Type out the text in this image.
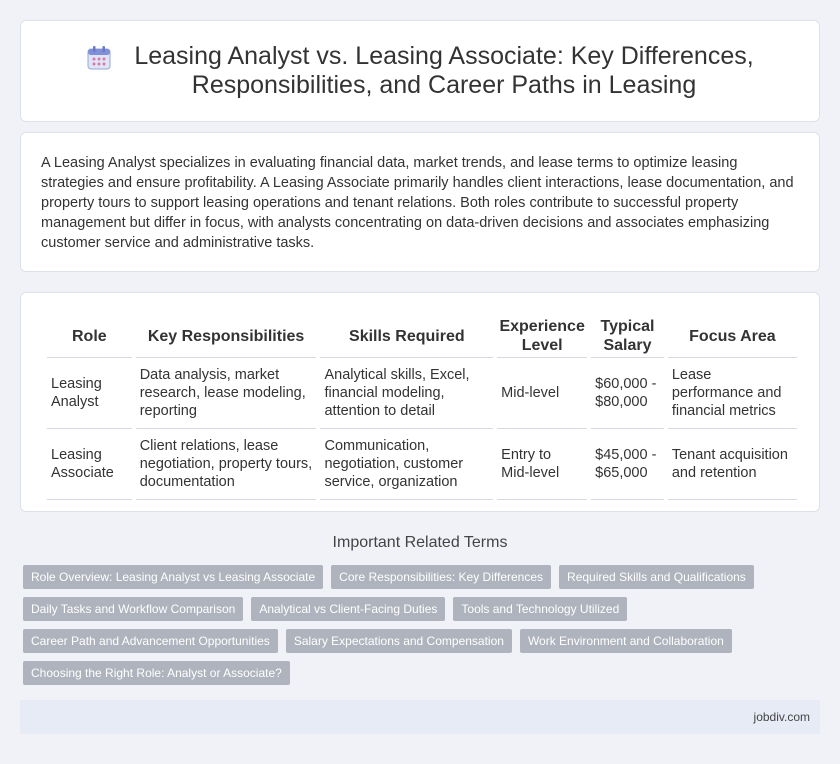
Leasing Analyst vs. Leasing Associate: Key Differences,
Responsibilities, and Career Paths in Leasing

A Leasing Analyst specializes in evaluating financial data, market trends, and lease terms to optimize leasing strategies and ensure profitability. A Leasing Associate primarily handles client interactions, lease documentation, and property tours to support leasing operations and tenant relations. Both roles contribute to successful property management but differ in focus, with analysts concentrating on data-driven decisions and associates emphasizing customer service and administrative tasks.

Role	Key Responsibilities	Skills Required	Experience Level	Typical Salary	Focus Area
Leasing Analyst	Data analysis, market research, lease modeling, reporting	Analytical skills, Excel, financial modeling, attention to detail	Mid-level	$60,000 - $80,000	Lease performance and financial metrics
Leasing Associate	Client relations, lease negotiation, property tours, documentation	Communication, negotiation, customer service, organization	Entry to Mid-level	$45,000 - $65,000	Tenant acquisition and retention
Important Related Terms
Role Overview: Leasing Analyst vs Leasing Associate	Core Responsibilities: Key Differences	Required Skills and Qualifications
Daily Tasks and Workflow Comparison	Analytical vs Client-Facing Duties	Tools and Technology Utilized
Career Path and Advancement Opportunities	Salary Expectations and Compensation	Work Environment and Collaboration
Choosing the Right Role: Analyst or Associate?
jobdiv.com
